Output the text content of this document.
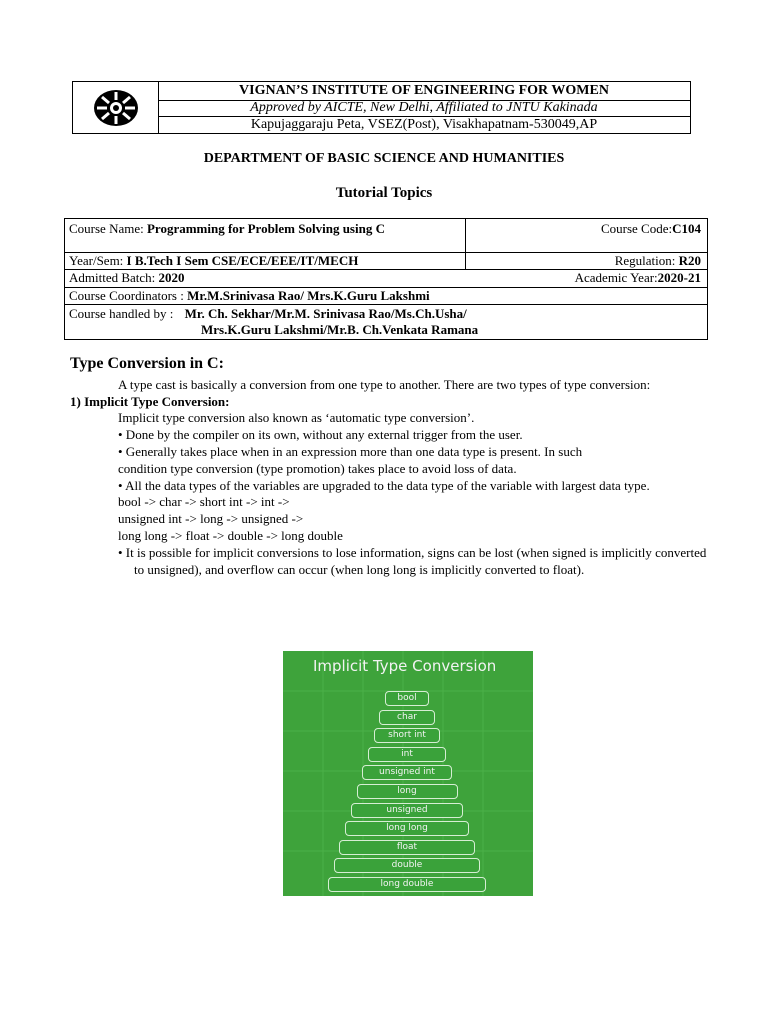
VIGNAN’S INSTITUTE OF ENGINEERING FOR WOMEN
Approved by AICTE, New Delhi, Affiliated to JNTU Kakinada
Kapujaggaraju Peta, VSEZ(Post), Visakhapatnam-530049,AP
DEPARTMENT OF BASIC SCIENCE AND HUMANITIES
Tutorial Topics
Course Name: Programming for Problem Solving using C	Course Code:C104
Year/Sem: I B.Tech I Sem CSE/ECE/EEE/IT/MECH	Regulation: R20
Admitted Batch: 2020	Academic Year:2020-21
Course Coordinators : Mr.M.Srinivasa Rao/ Mrs.K.Guru Lakshmi
Course handled by : Mr. Ch. Sekhar/Mr.M. Srinivasa Rao/Ms.Ch.Usha/
Mrs.K.Guru Lakshmi/Mr.B. Ch.Venkata Ramana
Type Conversion in C:

A type cast is basically a conversion from one type to another. There are two types of type conversion:

1) Implicit Type Conversion:

Implicit type conversion also known as ‘automatic type conversion’.

• Done by the compiler on its own, without any external trigger from the user.

• Generally takes place when in an expression more than one data type is present. In such

condition type conversion (type promotion) takes place to avoid loss of data.

• All the data types of the variables are upgraded to the data type of the variable with largest data type.

bool -> char -> short int -> int ->

unsigned int -> long -> unsigned ->

long long -> float -> double -> long double

• It is possible for implicit conversions to lose information, signs can be lost (when signed is implicitly converted to unsigned), and overflow can occur (when long long is implicitly converted to float).

Implicit Type Conversion
bool
char
short int
int
unsigned int
long
unsigned
long long
float
double
long double
